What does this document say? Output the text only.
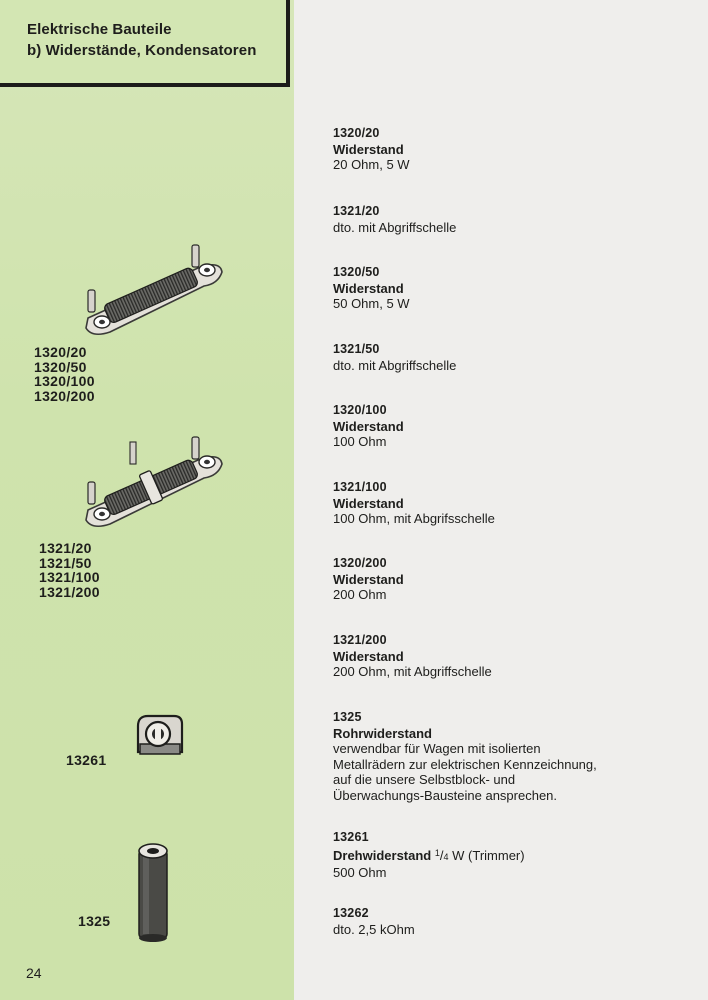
Elektrische Bauteile
b) Widerstände, Kondensatoren
1320/20
1320/50
1320/100
1320/200
1321/20
1321/50
1321/100
1321/200
13261
1325
1320/20
Widerstand
20 Ohm, 5 W
1321/20
dto. mit Abgriffschelle
1320/50
Widerstand
50 Ohm, 5 W
1321/50
dto. mit Abgriffschelle
1320/100
Widerstand
100 Ohm
1321/100
Widerstand
100 Ohm, mit Abgrifsschelle
1320/200
Widerstand
200 Ohm
1321/200
Widerstand
200 Ohm, mit Abgriffschelle
1325
Rohrwiderstand
verwendbar für Wagen mit isolierten
Metallrädern zur elektrischen Kennzeichnung,
auf die unsere Selbstblock- und
Überwachungs-Bausteine ansprechen.
13261
Drehwiderstand $^1$/4 W (Trimmer)
500 Ohm
13262
dto. 2,5 kOhm
24
